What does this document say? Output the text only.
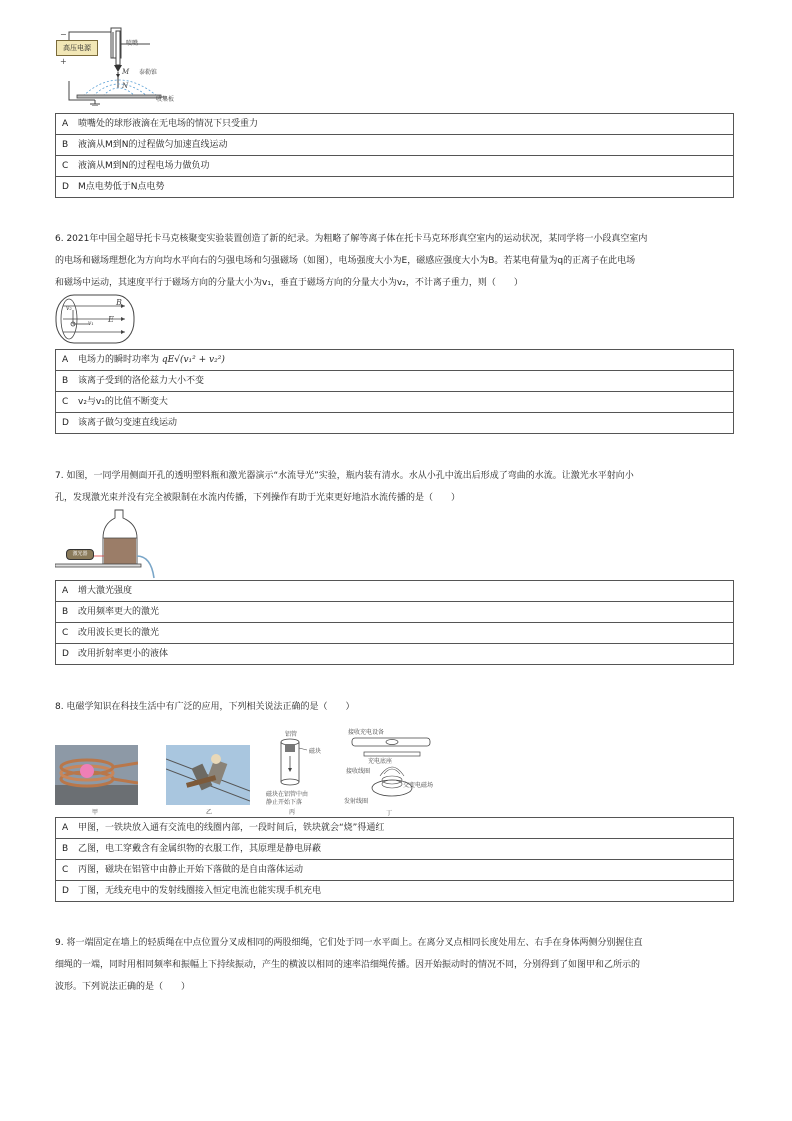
高压电源
−
+
喷嘴
泰勒锥
收集板
M
N
A 喷嘴处的球形液滴在无电场的情况下只受重力
B 液滴从M到N的过程做匀加速直线运动
C 液滴从M到N的过程电场力做负功
D M点电势低于N点电势
6. 2021年中国全超导托卡马克核聚变实验装置创造了新的纪录。为粗略了解等离子体在托卡马克环形真空室内的运动状况，某同学将一小段真空室内
的电场和磁场理想化为方向均水平向右的匀强电场和匀强磁场（如图），电场强度大小为E，磁感应强度大小为B。若某电荷量为q的正离子在此电场
和磁场中运动，其速度平行于磁场方向的分量大小为v₁，垂直于磁场方向的分量大小为v₂，不计离子重力，则（　　）
B
E
v₁
v₂
A 电场力的瞬时功率为 qE√(v₁² + v₂²)
B 该离子受到的洛伦兹力大小不变
C v₂与v₁的比值不断变大
D 该离子做匀变速直线运动
7. 如图，一同学用侧面开孔的透明塑料瓶和激光器演示“水流导光”实验，瓶内装有清水。水从小孔中流出后形成了弯曲的水流。让激光水平射向小
孔，发现激光束并没有完全被限制在水流内传播，下列操作有助于光束更好地沿水流传播的是（　　）
激光器
A 增大激光强度
B 改用频率更大的激光
C 改用波长更长的激光
D 改用折射率更小的液体
8. 电磁学知识在科技生活中有广泛的应用，下列相关说法正确的是（　　）
甲	乙
铝管
磁块
磁块在铝管中由
静止开始下落
丙
接收充电设备
充电底座
接收线圈
交变电磁场
发射线圈
丁
A 甲图，一铁块放入通有交流电的线圈内部，一段时间后，铁块就会“烧”得通红
B 乙图，电工穿戴含有金属织物的衣服工作，其原理是静电屏蔽
C 丙图，磁块在铝管中由静止开始下落做的是自由落体运动
D 丁图，无线充电中的发射线圈接入恒定电流也能实现手机充电
9. 将一端固定在墙上的轻质绳在中点位置分叉成相同的两股细绳，它们处于同一水平面上。在离分叉点相同长度处用左、右手在身体两侧分别握住直
细绳的一端，同时用相同频率和振幅上下持续振动，产生的横波以相同的速率沿细绳传播。因开始振动时的情况不同，分别得到了如图甲和乙所示的
波形。下列说法正确的是（　　）
